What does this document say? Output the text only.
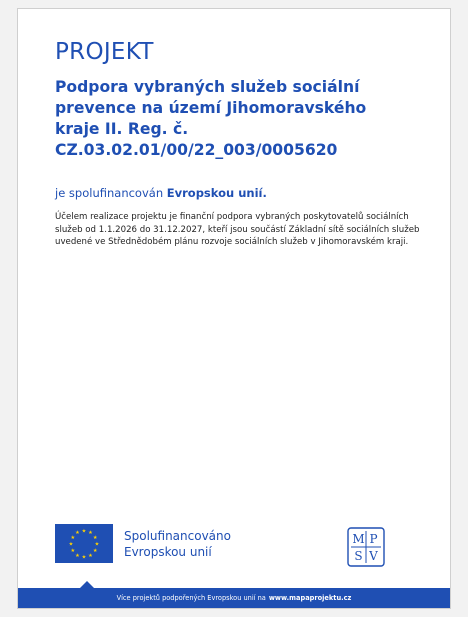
PROJEKT
Podpora vybraných služeb sociální prevence na území Jihomoravského kraje II. Reg. č. CZ.03.02.01/00/22_003/0005620
je spolufinancován Evropskou unií.
Účelem realizace projektu je finanční podpora vybraných poskytovatelů sociálních služeb od 1.1.2026 do 31.12.2027, kteří jsou součástí Základní sítě sociálních služeb uvedené ve Střednědobém plánu rozvoje sociálních služeb v Jihomoravském kraji.
★ ★
★
★
★
★
★
★
★
★
★
★	Spolufinancováno
Evropskou unií
M P
S V
Více projektů podpořených Evropskou unií na www.mapaprojektu.cz
